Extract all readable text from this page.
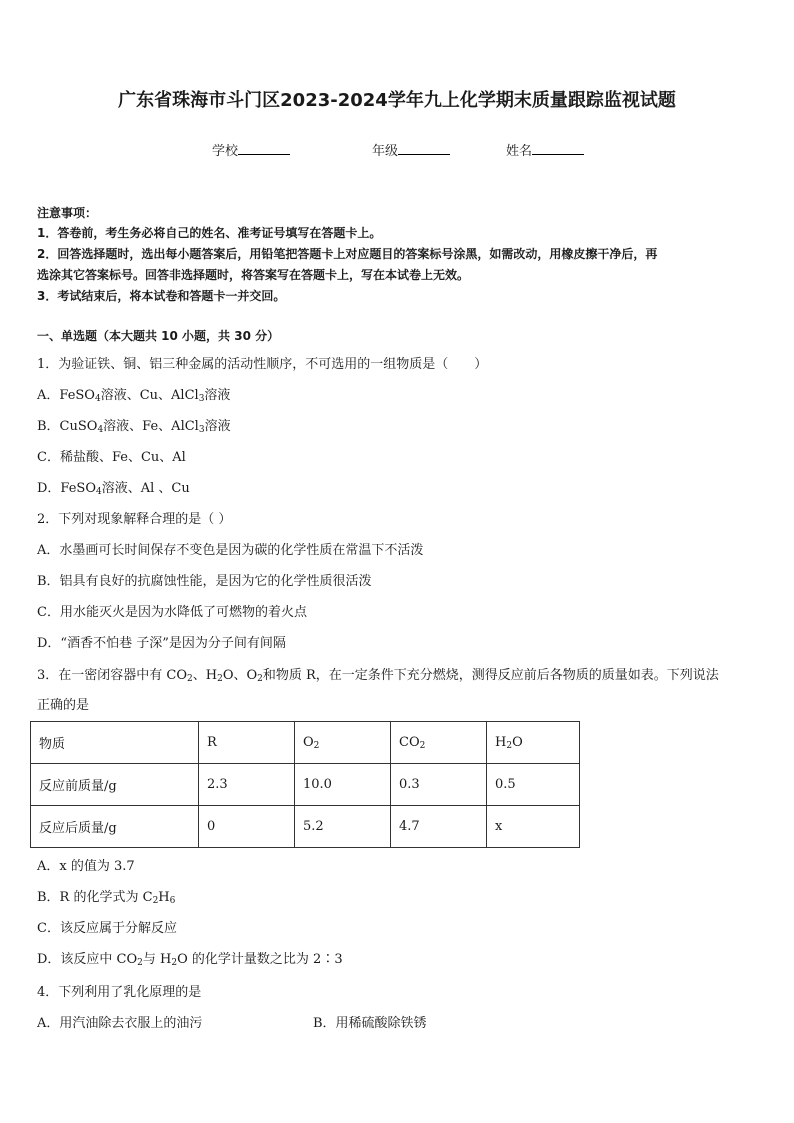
广东省珠海市斗门区2023-2024学年九上化学期末质量跟踪监视试题
学校	年级	姓名
注意事项：
1．答卷前，考生务必将自己的姓名、准考证号填写在答题卡上。
2．回答选择题时，选出每小题答案后，用铅笔把答题卡上对应题目的答案标号涂黑，如需改动，用橡皮擦干净后，再
选涂其它答案标号。回答非选择题时，将答案写在答题卡上，写在本试卷上无效。
3．考试结束后，将本试卷和答题卡一并交回。
一、单选题（本大题共 10 小题，共 30 分）
1．为验证铁、铜、铝三种金属的活动性顺序，不可选用的一组物质是（　　）
A．FeSO$_4$溶液、Cu、AlCl$_3$溶液
B．CuSO$_4$溶液、Fe、AlCl$_3$溶液
C．稀盐酸、Fe、Cu、Al
D．FeSO$_4$溶液、Al 、Cu
2．下列对现象解释合理的是（ ）
A．水墨画可长时间保存不变色是因为碳的化学性质在常温下不活泼
B．铝具有良好的抗腐蚀性能，是因为它的化学性质很活泼
C．用水能灭火是因为水降低了可燃物的着火点
D．“酒香不怕巷 子深”是因为分子间有间隔
3．在一密闭容器中有 $CO_2$、$H_2O$、$O_2$和物质 R，在一定条件下充分燃烧，测得反应前后各物质的质量如表。下列说法
正确的是
物质	R	$O_2$	$CO_2$	$H_2O$
反应前质量/g	2.3	10.0	0.3	0.5
反应后质量/g	0	5.2	4.7	x
A．x 的值为 3.7
B．R 的化学式为 $C_2H_6$
C．该反应属于分解反应
D．该反应中 $CO_2$与 $H_2O$ 的化学计量数之比为 2∶3
4．下列利用了乳化原理的是
A．用汽油除去衣服上的油污	B．用稀硫酸除铁锈
